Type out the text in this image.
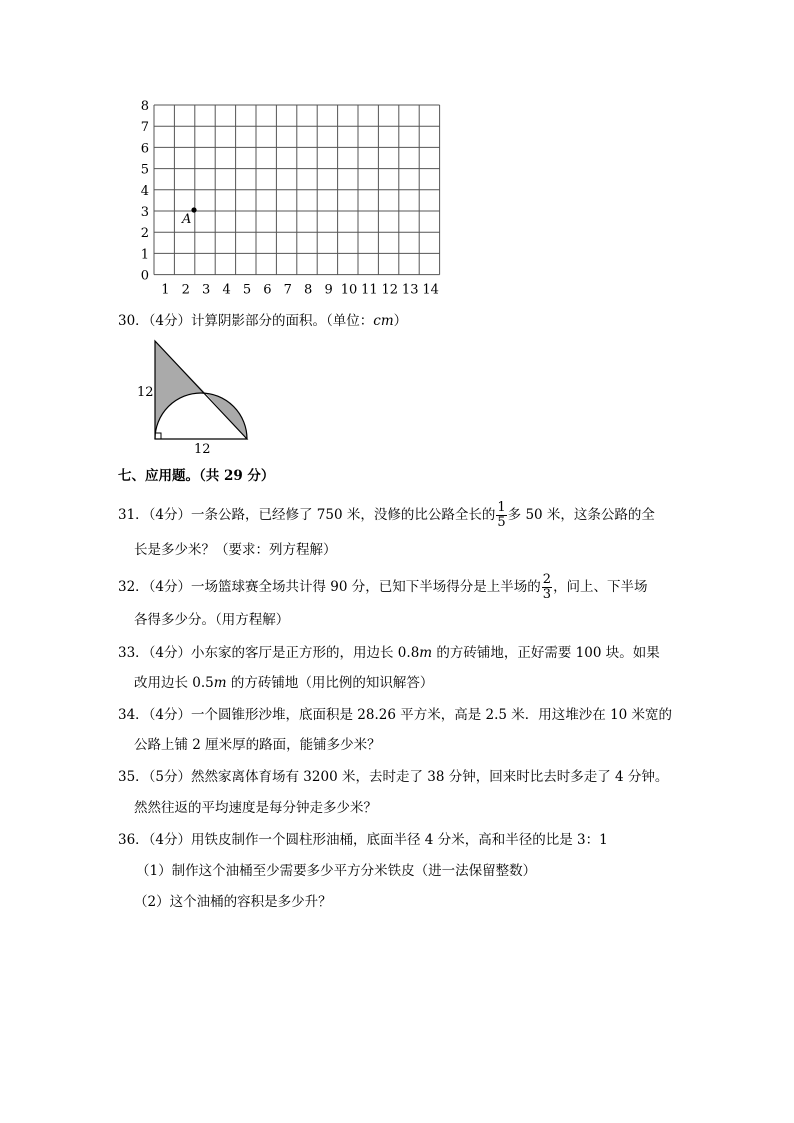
8
7
6
5
4
3
2
1
0
1 2 3 4 5 6 7 8 9 10 11 12 13 14
A
30．（4分）计算阴影部分的面积。（单位：cm）
12
12
七、应用题。（共 29 分）
31．（4分）一条公路，已经修了 750 米，没修的比公路全长的 $\frac{1}{5}$ 多 50 米，这条公路的全
长是多少米？（要求：列方程解）
32．（4分）一场篮球赛全场共计得 90 分，已知下半场得分是上半场的 $\frac{2}{3}$ ，问上、下半场
各得多少分。（用方程解）
33．（4分）小东家的客厅是正方形的，用边长 0.8m 的方砖铺地，正好需要 100 块。如果
改用边长 0.5m 的方砖铺地（用比例的知识解答）
34．（4分）一个圆锥形沙堆，底面积是 28.26 平方米，高是 2.5 米．用这堆沙在 10 米宽的
公路上铺 2 厘米厚的路面，能铺多少米？
35．（5分）然然家离体育场有 3200 米，去时走了 38 分钟，回来时比去时多走了 4 分钟。
然然往返的平均速度是每分钟走多少米？
36．（4分）用铁皮制作一个圆柱形油桶，底面半径 4 分米，高和半径的比是 3：1
（1）制作这个油桶至少需要多少平方分米铁皮（进一法保留整数）
（2）这个油桶的容积是多少升？
